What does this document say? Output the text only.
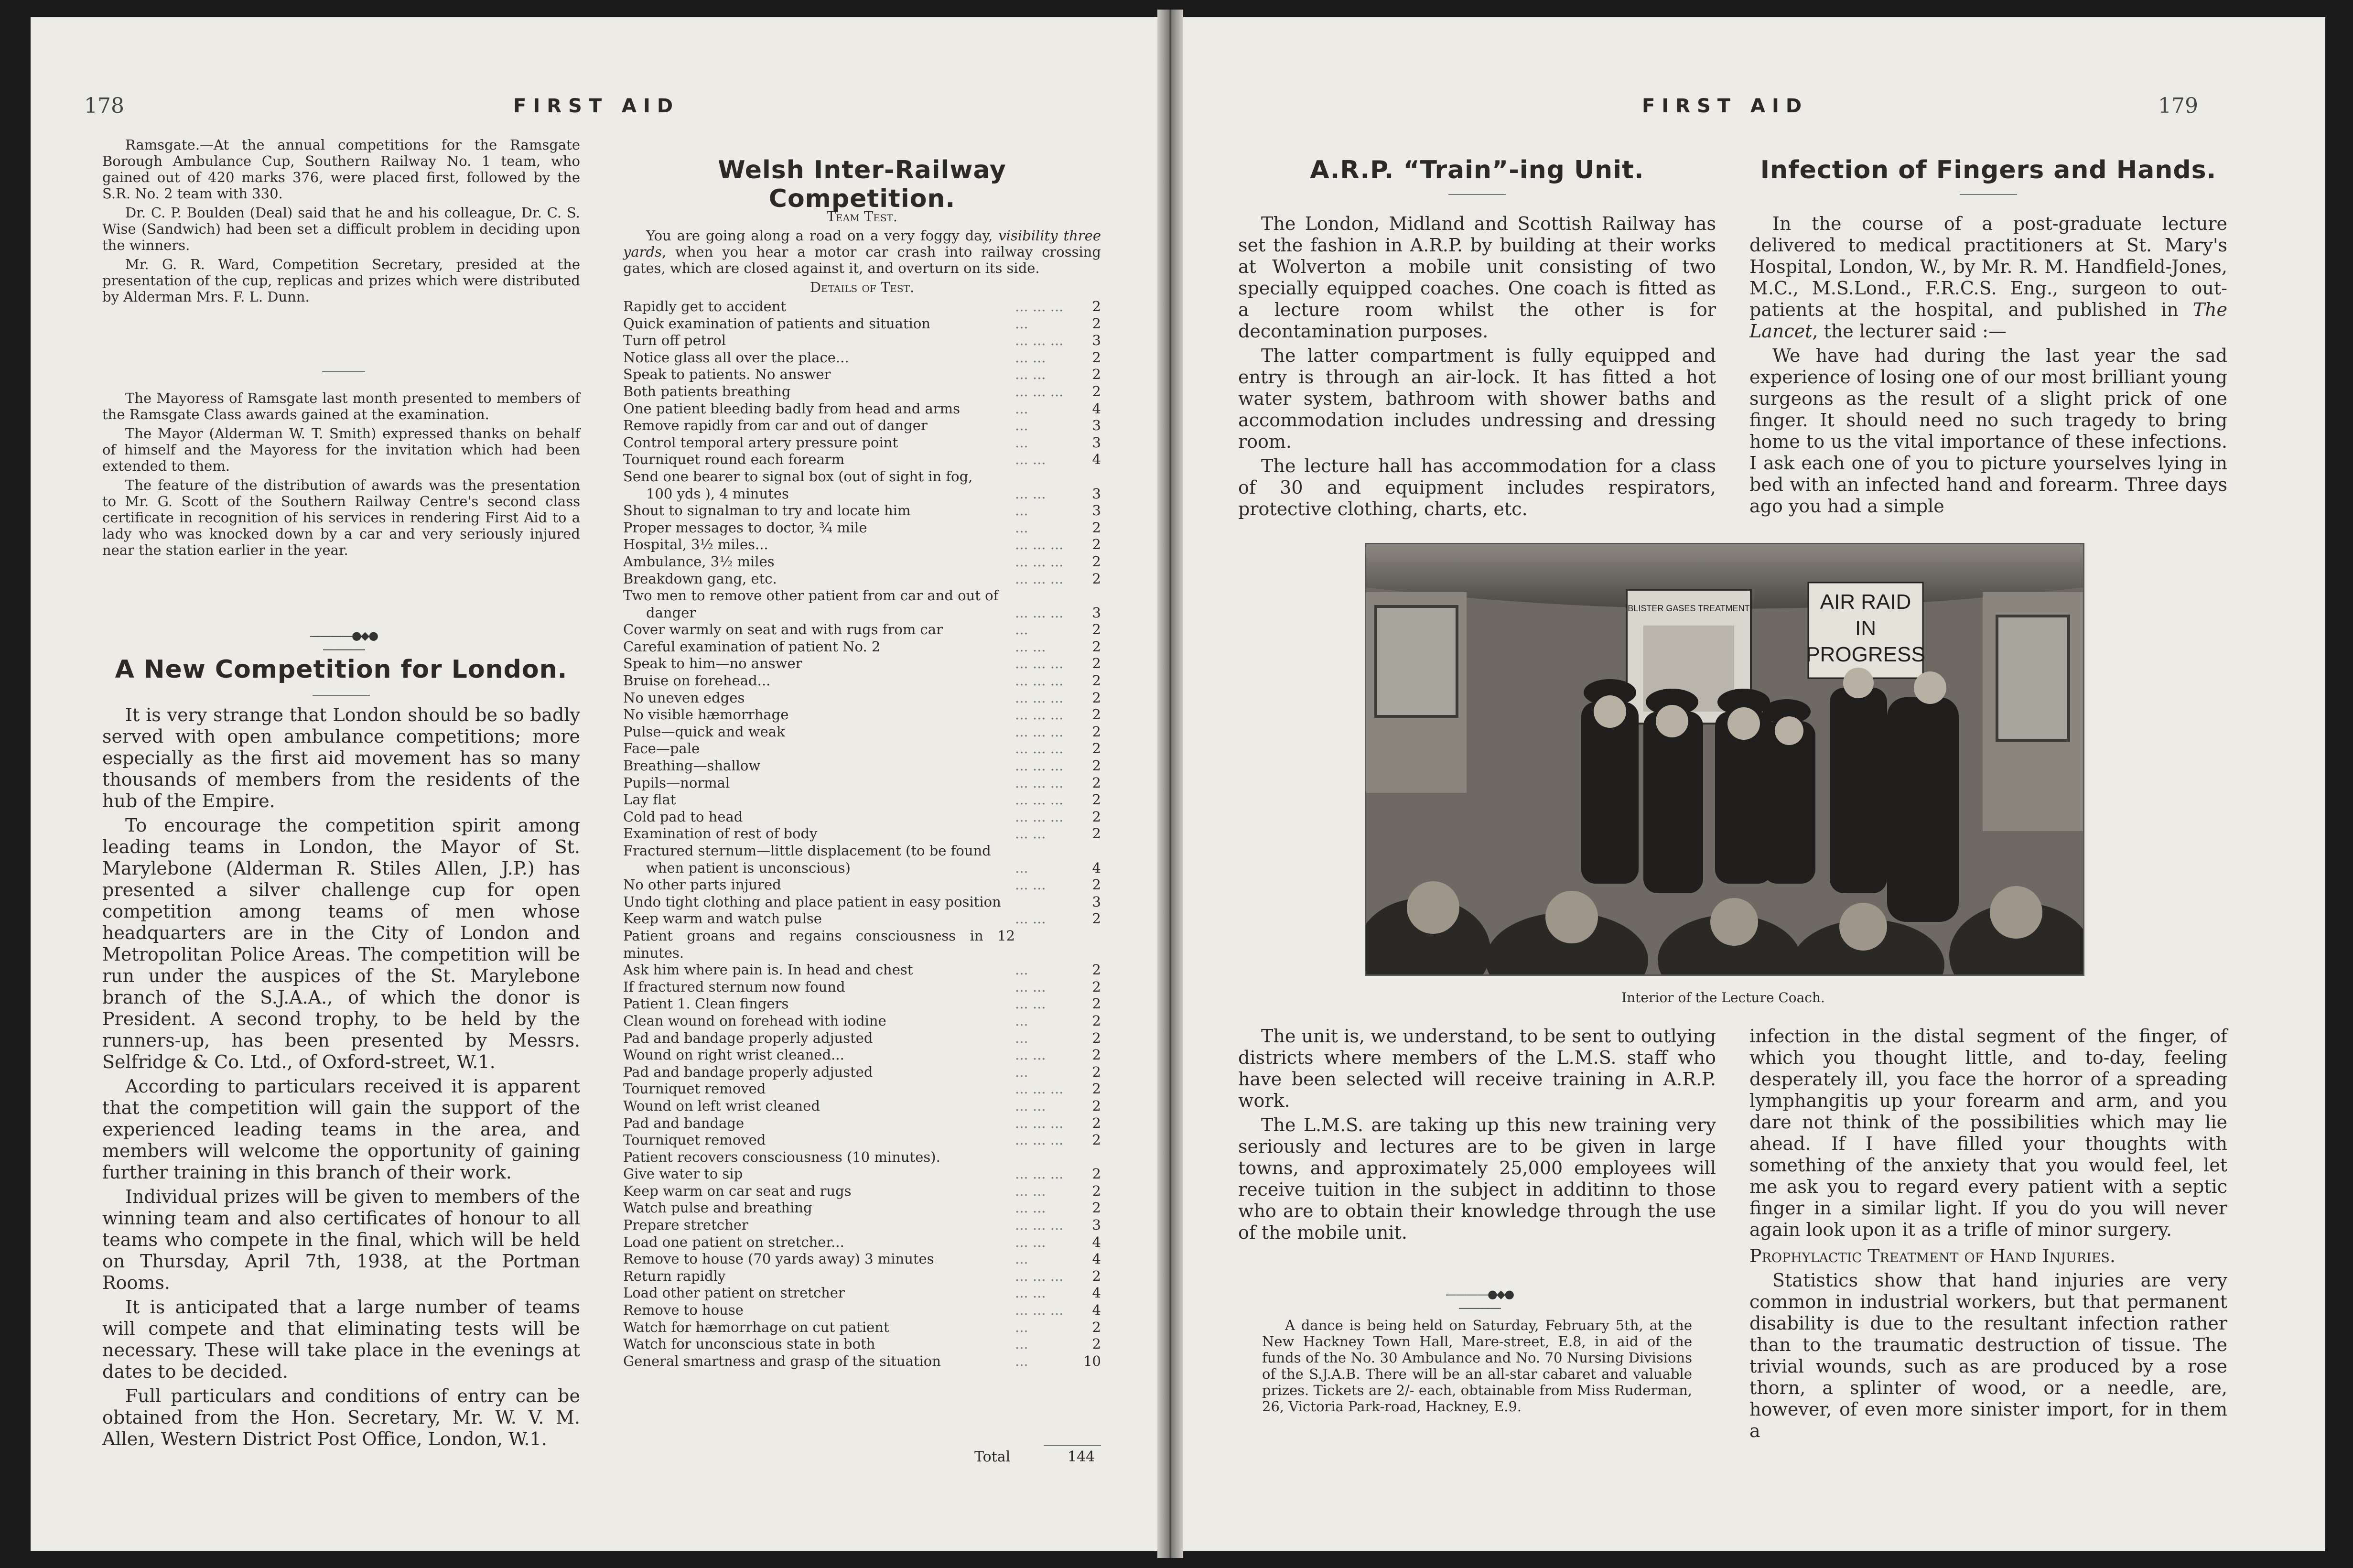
178	FIRST AID

Ramsgate.—At the annual competitions for the Ramsgate Borough Ambulance Cup, Southern Railway No. 1 team, who gained out of 420 marks 376, were placed first, followed by the S.R. No. 2 team with 330.

Dr. C. P. Boulden (Deal) said that he and his colleague, Dr. C. S. Wise (Sandwich) had been set a difficult problem in deciding upon the winners.

Mr. G. R. Ward, Competition Secretary, presided at the presentation of the cup, replicas and prizes which were distributed by Alderman Mrs. F. L. Dunn.

The Mayoress of Ramsgate last month presented to members of the Ramsgate Class awards gained at the examination.

The Mayor (Alderman W. T. Smith) expressed thanks on behalf of himself and the Mayoress for the invitation which had been extended to them.

The feature of the distribution of awards was the presentation to Mr. G. Scott of the Southern Railway Centre's second class certificate in recognition of his services in rendering First Aid to a lady who was knocked down by a car and very seriously injured near the station earlier in the year.

————●◆●————
A New Competition for London.

It is very strange that London should be so badly served with open ambulance competitions; more especially as the first aid movement has so many thousands of members from the residents of the hub of the Empire.

To encourage the competition spirit among leading teams in London, the Mayor of St. Marylebone (Alderman R. Stiles Allen, J.P.) has presented a silver challenge cup for open competition among teams of men whose headquarters are in the City of London and Metropolitan Police Areas. The competition will be run under the auspices of the St. Marylebone branch of the S.J.A.A., of which the donor is President. A second trophy, to be held by the runners-up, has been presented by Messrs. Selfridge & Co. Ltd., of Oxford-street, W.1.

According to particulars received it is apparent that the competition will gain the support of the experienced leading teams in the area, and members will welcome the opportunity of gaining further training in this branch of their work.

Individual prizes will be given to members of the winning team and also certificates of honour to all teams who compete in the final, which will be held on Thursday, April 7th, 1938, at the Portman Rooms.

It is anticipated that a large number of teams will compete and that eliminating tests will be necessary. These will take place in the evenings at dates to be decided.

Full particulars and conditions of entry can be obtained from the Hon. Secretary, Mr. W. V. M. Allen, Western District Post Office, London, W.1.

Welsh Inter-Railway Competition.

Team Test.

You are going along a road on a very foggy day, visibility three yards, when you hear a motor car crash into railway crossing gates, which are closed against it, and overturn on its side.

Details of Test.

Rapidly get to accident	... ... ...	2
Quick examination of patients and situation	...	2
Turn off petrol	... ... ...	3
Notice glass all over the place...	... ...	2
Speak to patients. No answer	... ...	2
Both patients breathing	... ... ...	2
One patient bleeding badly from head and arms	...	4
Remove rapidly from car and out of danger	...	3
Control temporal artery pressure point	...	3
Tourniquet round each forearm	... ...	4
Send one bearer to signal box (out of sight in fog,		
100 yds ), 4 minutes	... ...	3
Shout to signalman to try and locate him	...	3
Proper messages to doctor, ¾ mile	...	2
Hospital, 3½ miles...	... ... ...	2
Ambulance, 3½ miles	... ... ...	2
Breakdown gang, etc.	... ... ...	2
Two men to remove other patient from car and out of		
danger	... ... ...	3
Cover warmly on seat and with rugs from car	...	2
Careful examination of patient No. 2	... ...	2
Speak to him—no answer	... ... ...	2
Bruise on forehead...	... ... ...	2
No uneven edges	... ... ...	2
No visible hæmorrhage	... ... ...	2
Pulse—quick and weak	... ... ...	2
Face—pale	... ... ...	2
Breathing—shallow	... ... ...	2
Pupils—normal	... ... ...	2
Lay flat	... ... ...	2
Cold pad to head	... ... ...	2
Examination of rest of body	... ...	2
Fractured sternum—little displacement (to be found		
when patient is unconscious)	...	4
No other parts injured	... ...	2
Undo tight clothing and place patient in easy position		3
Keep warm and watch pulse	... ...	2
Patient groans and regains consciousness in 12 minutes.		
Ask him where pain is. In head and chest	...	2
If fractured sternum now found	... ...	2
Patient 1. Clean fingers	... ...	2
Clean wound on forehead with iodine	...	2
Pad and bandage properly adjusted	...	2
Wound on right wrist cleaned...	... ...	2
Pad and bandage properly adjusted	...	2
Tourniquet removed	... ... ...	2
Wound on left wrist cleaned	... ...	2
Pad and bandage	... ... ...	2
Tourniquet removed	... ... ...	2
Patient recovers consciousness (10 minutes).		
Give water to sip	... ... ...	2
Keep warm on car seat and rugs	... ...	2
Watch pulse and breathing	... ...	2
Prepare stretcher	... ... ...	3
Load one patient on stretcher...	... ...	4
Remove to house (70 yards away) 3 minutes	...	4
Return rapidly	... ... ...	2
Load other patient on stretcher	... ...	4
Remove to house	... ... ...	4
Watch for hæmorrhage on cut patient	...	2
Watch for unconscious state in both	...	2
General smartness and grasp of the situation	...	10
Total	144
FIRST AID	179
A.R.P. “Train”-ing Unit.

The London, Midland and Scottish Railway has set the fashion in A.R.P. by building at their works at Wolverton a mobile unit consisting of two specially equipped coaches. One coach is fitted as a lecture room whilst the other is for decontamination purposes.

The latter compartment is fully equipped and entry is through an air-lock. It has fitted a hot water system, bathroom with shower baths and accommodation includes undressing and dressing room.

The lecture hall has accommodation for a class of 30 and equipment includes respirators, protective clothing, charts, etc.

Infection of Fingers and Hands.

In the course of a post-graduate lecture delivered to medical practitioners at St. Mary's Hospital, London, W., by Mr. R. M. Handfield-Jones, M.C., M.S.Lond., F.R.C.S. Eng., surgeon to out-patients at the hospital, and published in The Lancet, the lecturer said :—

We have had during the last year the sad experience of losing one of our most brilliant young surgeons as the result of a slight prick of one finger. It should need no such tragedy to bring home to us the vital importance of these infections. I ask each one of you to picture yourselves lying in bed with an infected hand and forearm. Three days ago you had a simple

BLISTER GASES TREATMENT	AIR RAID
IN
PROGRESS
Interior of the Lecture Coach.

The unit is, we understand, to be sent to outlying districts where members of the L.M.S. staff who have been selected will receive training in A.R.P. work.

The L.M.S. are taking up this new training very seriously and lectures are to be given in large towns, and approximately 25,000 employees will receive tuition in the subject in additinn to those who are to obtain their knowledge through the use of the mobile unit.

————●◆●————

A dance is being held on Saturday, February 5th, at the New Hackney Town Hall, Mare-street, E.8, in aid of the funds of the No. 30 Ambulance and No. 70 Nursing Divisions of the S.J.A.B. There will be an all-star cabaret and valuable prizes. Tickets are 2/- each, obtainable from Miss Ruderman, 26, Victoria Park-road, Hackney, E.9.

infection in the distal segment of the finger, of which you thought little, and to-day, feeling desperately ill, you face the horror of a spreading lymphangitis up your forearm and arm, and you dare not think of the possibilities which may lie ahead. If I have filled your thoughts with something of the anxiety that you would feel, let me ask you to regard every patient with a septic finger in a similar light. If you do you will never again look upon it as a trifle of minor surgery.

Prophylactic Treatment of Hand Injuries.

Statistics show that hand injuries are very common in industrial workers, but that permanent disability is due to the resultant infection rather than to the traumatic destruction of tissue. The trivial wounds, such as are produced by a rose thorn, a splinter of wood, or a needle, are, however, of even more sinister import, for in them a
